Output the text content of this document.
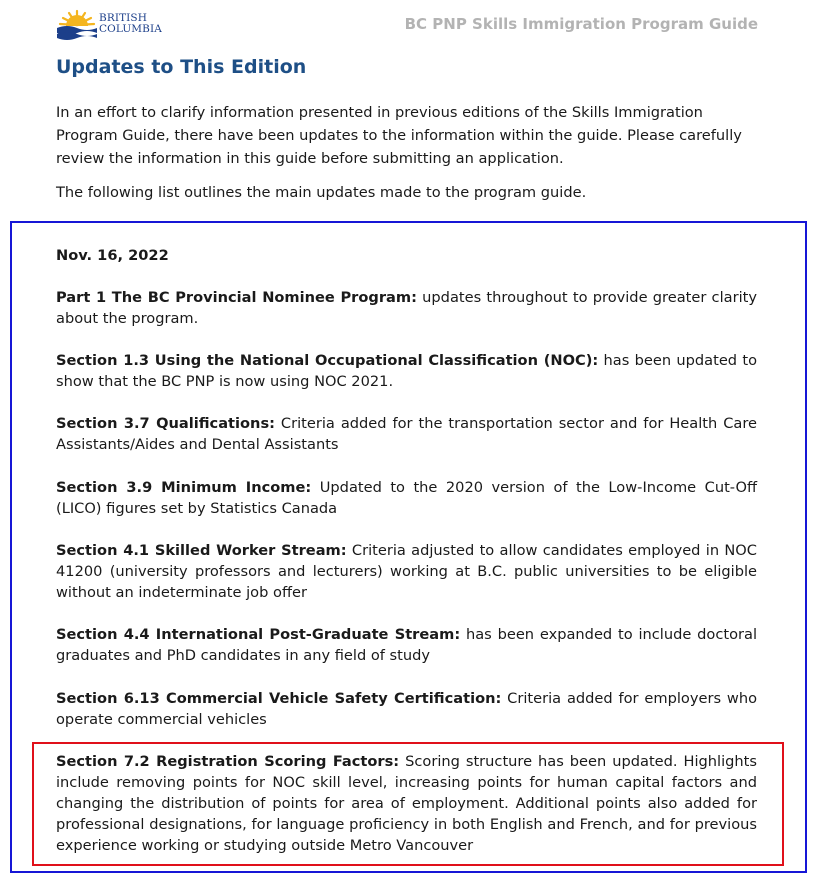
BRITISH
COLUMBIA	BC PNP Skills Immigration Program Guide
Updates to This Edition

In an effort to clarify information presented in previous editions of the Skills Immigration Program Guide, there have been updates to the information within the guide. Please carefully review the information in this guide before submitting an application.

The following list outlines the main updates made to the program guide.

Nov. 16, 2022

Part 1 The BC Provincial Nominee Program: updates throughout to provide greater clarity about the program.

Section 1.3 Using the National Occupational Classification (NOC): has been updated to show that the BC PNP is now using NOC 2021.

Section 3.7 Qualifications: Criteria added for the transportation sector and for Health Care Assistants/Aides and Dental Assistants

Section 3.9 Minimum Income: Updated to the 2020 version of the Low-Income Cut-Off (LICO) figures set by Statistics Canada

Section 4.1 Skilled Worker Stream: Criteria adjusted to allow candidates employed in NOC 41200 (university professors and lecturers) working at B.C. public universities to be eligible without an indeterminate job offer

Section 4.4 International Post-Graduate Stream: has been expanded to include doctoral graduates and PhD candidates in any field of study

Section 6.13 Commercial Vehicle Safety Certification: Criteria added for employers who operate commercial vehicles

Section 7.2 Registration Scoring Factors: Scoring structure has been updated. Highlights include removing points for NOC skill level, increasing points for human capital factors and changing the distribution of points for area of employment. Additional points also added for professional designations, for language proficiency in both English and French, and for previous experience working or studying outside Metro Vancouver
